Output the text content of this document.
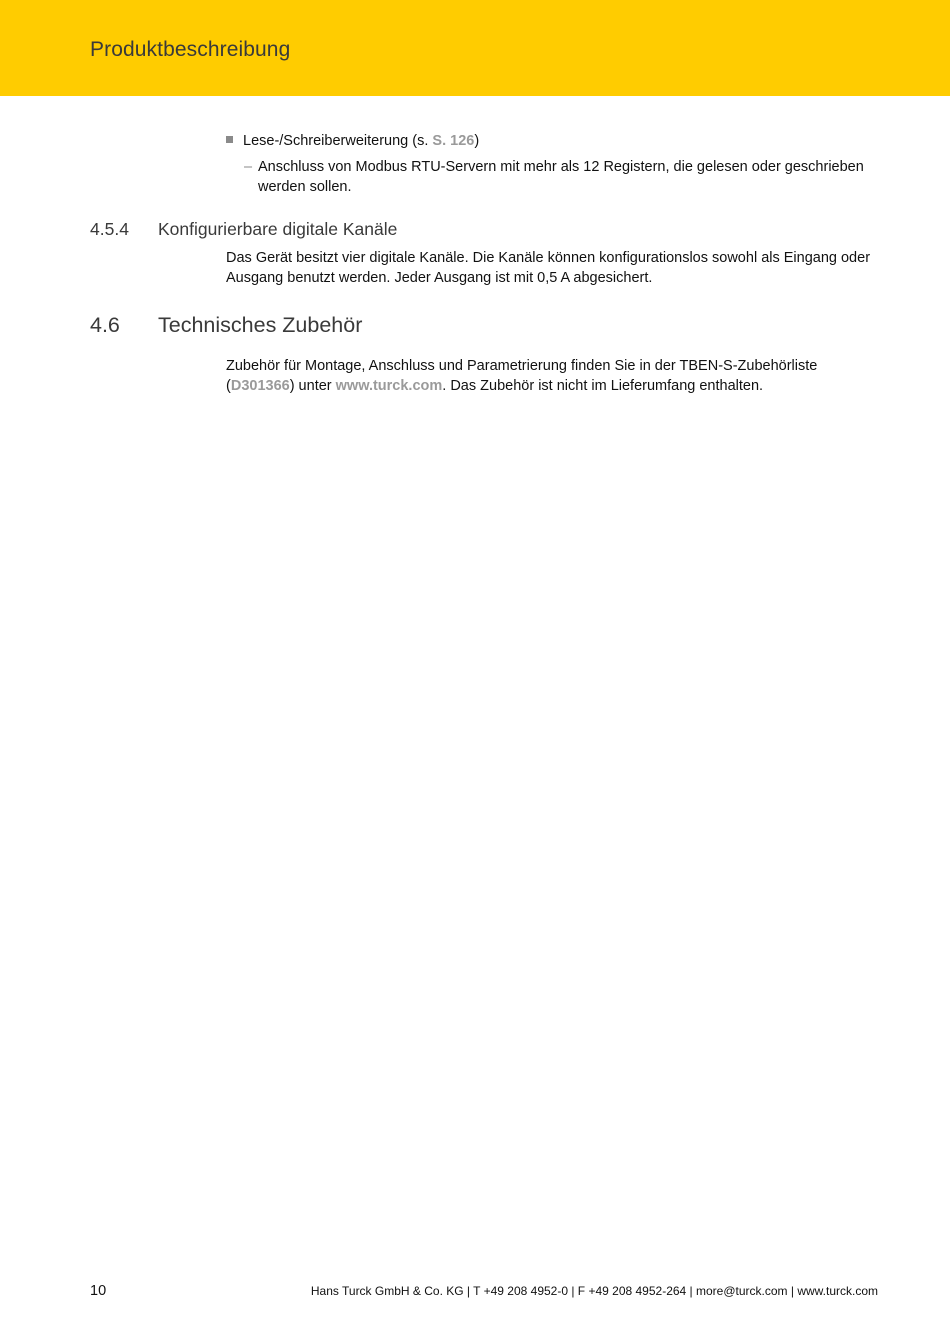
Produktbeschreibung
Lese-/Schreiberweiterung (s. S. 126)
– Anschluss von Modbus RTU-Servern mit mehr als 12 Registern, die gelesen oder geschrieben werden sollen.
4.5.4 Konfigurierbare digitale Kanäle
Das Gerät besitzt vier digitale Kanäle. Die Kanäle können konfigurationslos sowohl als Eingang oder Ausgang benutzt werden. Jeder Ausgang ist mit 0,5 A abgesichert.
4.6 Technisches Zubehör
Zubehör für Montage, Anschluss und Parametrierung finden Sie in der TBEN-S-Zubehörliste (D301366) unter www.turck.com. Das Zubehör ist nicht im Lieferumfang enthalten.
10	Hans Turck GmbH & Co. KG | T +49 208 4952-0 | F +49 208 4952-264 | more@turck.com | www.turck.com
